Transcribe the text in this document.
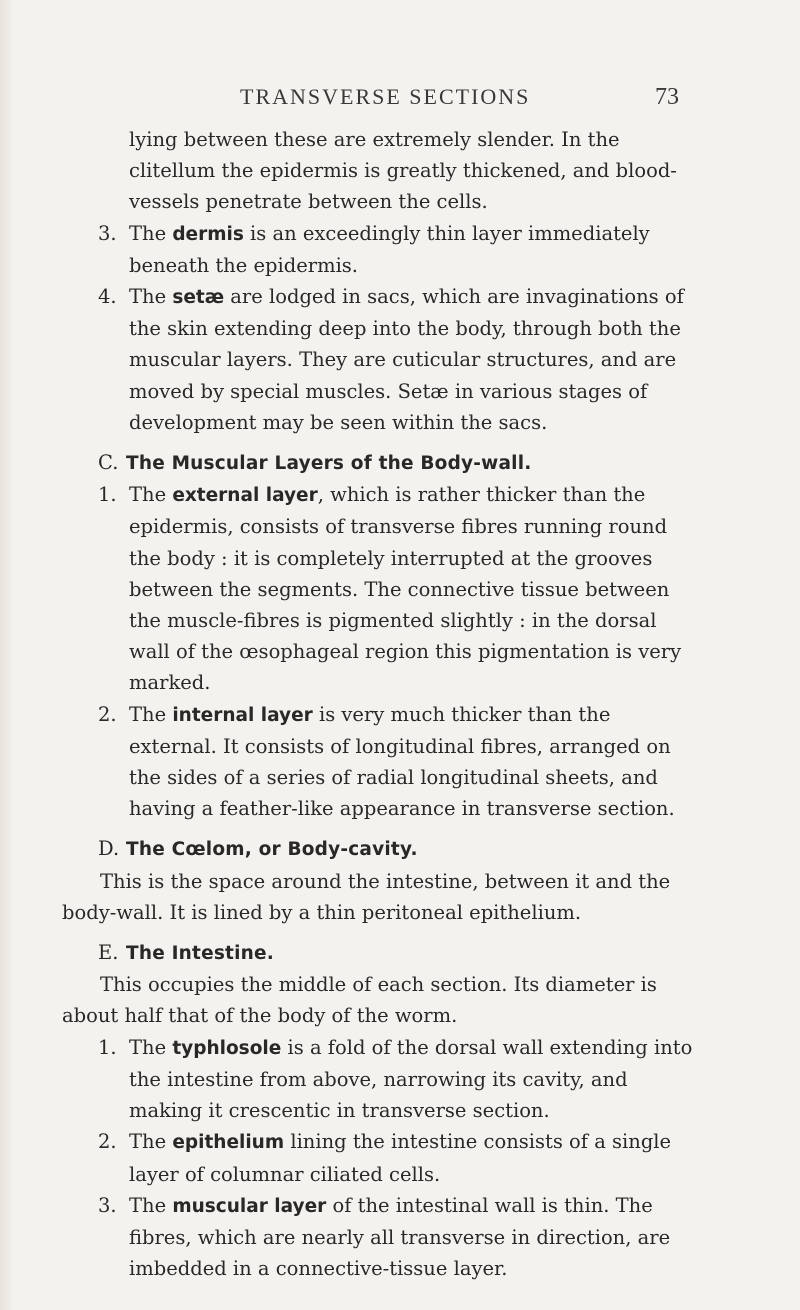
TRANSVERSE SECTIONS	73

lying between these are extremely slender. In the clitellum the epidermis is greatly thickened, and blood-vessels penetrate between the cells.

3. The dermis is an exceedingly thin layer immediately beneath the epidermis.

4. The setæ are lodged in sacs, which are invaginations of the skin extending deep into the body, through both the muscular layers. They are cuticular structures, and are moved by special muscles. Setæ in various stages of development may be seen within the sacs.

C. The Muscular Layers of the Body-wall.

1. The external layer, which is rather thicker than the epidermis, consists of transverse fibres running round the body : it is completely interrupted at the grooves between the segments. The connective tissue between the muscle-fibres is pigmented slightly : in the dorsal wall of the œsophageal region this pigmentation is very marked.

2. The internal layer is very much thicker than the external. It consists of longitudinal fibres, arranged on the sides of a series of radial longitudinal sheets, and having a feather-like appearance in transverse section.

D. The Cœlom, or Body-cavity.

This is the space around the intestine, between it and the body-wall. It is lined by a thin peritoneal epithelium.

E. The Intestine.

This occupies the middle of each section. Its diameter is about half that of the body of the worm.

1. The typhlosole is a fold of the dorsal wall extending into the intestine from above, narrowing its cavity, and making it crescentic in transverse section.

2. The epithelium lining the intestine consists of a single layer of columnar ciliated cells.

3. The muscular layer of the intestinal wall is thin. The fibres, which are nearly all transverse in direction, are imbedded in a connective-tissue layer.
